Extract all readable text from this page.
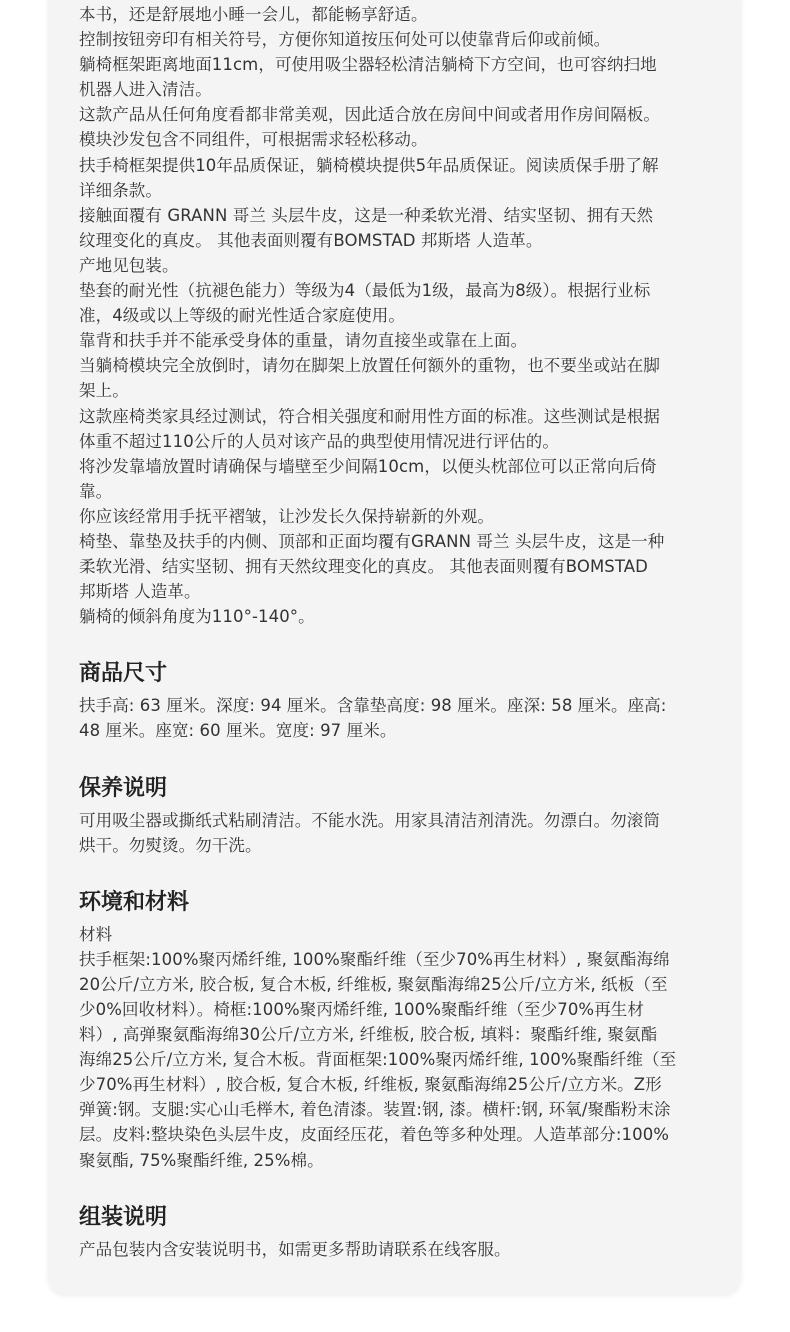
本书，还是舒展地小睡一会儿，都能畅享舒适。
控制按钮旁印有相关符号，方便你知道按压何处可以使靠背后仰或前倾。
躺椅框架距离地面11cm，可使用吸尘器轻松清洁躺椅下方空间，也可容纳扫地
机器人进入清洁。
这款产品从任何角度看都非常美观，因此适合放在房间中间或者用作房间隔板。
模块沙发包含不同组件，可根据需求轻松移动。
扶手椅框架提供10年品质保证，躺椅模块提供5年品质保证。阅读质保手册了解
详细条款。
接触面覆有 GRANN 哥兰 头层牛皮，这是一种柔软光滑、结实坚韧、拥有天然
纹理变化的真皮。 其他表面则覆有BOMSTAD 邦斯塔 人造革。
产地见包装。
垫套的耐光性（抗褪色能力）等级为4（最低为1级，最高为8级）。根据行业标
准，4级或以上等级的耐光性适合家庭使用。
靠背和扶手并不能承受身体的重量，请勿直接坐或靠在上面。
当躺椅模块完全放倒时，请勿在脚架上放置任何额外的重物，也不要坐或站在脚
架上。
这款座椅类家具经过测试，符合相关强度和耐用性方面的标准。这些测试是根据
体重不超过110公斤的人员对该产品的典型使用情况进行评估的。
将沙发靠墙放置时请确保与墙壁至少间隔10cm，以便头枕部位可以正常向后倚
靠。
你应该经常用手抚平褶皱，让沙发长久保持崭新的外观。
椅垫、靠垫及扶手的内侧、顶部和正面均覆有GRANN 哥兰 头层牛皮，这是一种
柔软光滑、结实坚韧、拥有天然纹理变化的真皮。 其他表面则覆有BOMSTAD
邦斯塔 人造革。
躺椅的倾斜角度为110°-140°。
商品尺寸
扶手高: 63 厘米。深度: 94 厘米。含靠垫高度: 98 厘米。座深: 58 厘米。座高:
48 厘米。座宽: 60 厘米。宽度: 97 厘米。
保养说明
可用吸尘器或撕纸式粘刷清洁。不能水洗。用家具清洁剂清洗。勿漂白。勿滚筒
烘干。勿熨烫。勿干洗。
环境和材料
材料
扶手框架:100%聚丙烯纤维, 100%聚酯纤维（至少70%再生材料）, 聚氨酯海绵
20公斤/立方米, 胶合板, 复合木板, 纤维板, 聚氨酯海绵25公斤/立方米, 纸板（至
少0%回收材料）。椅框:100%聚丙烯纤维, 100%聚酯纤维（至少70%再生材
料）, 高弹聚氨酯海绵30公斤/立方米, 纤维板, 胶合板, 填料：聚酯纤维, 聚氨酯
海绵25公斤/立方米, 复合木板。背面框架:100%聚丙烯纤维, 100%聚酯纤维（至
少70%再生材料）, 胶合板, 复合木板, 纤维板, 聚氨酯海绵25公斤/立方米。Z形
弹簧:钢。支腿:实心山毛榉木, 着色清漆。装置:钢, 漆。横杆:钢, 环氧/聚酯粉末涂
层。皮料:整块染色头层牛皮，皮面经压花，着色等多种处理。人造革部分:100%
聚氨酯, 75%聚酯纤维, 25%棉。
组装说明
产品包装内含安装说明书，如需更多帮助请联系在线客服。
